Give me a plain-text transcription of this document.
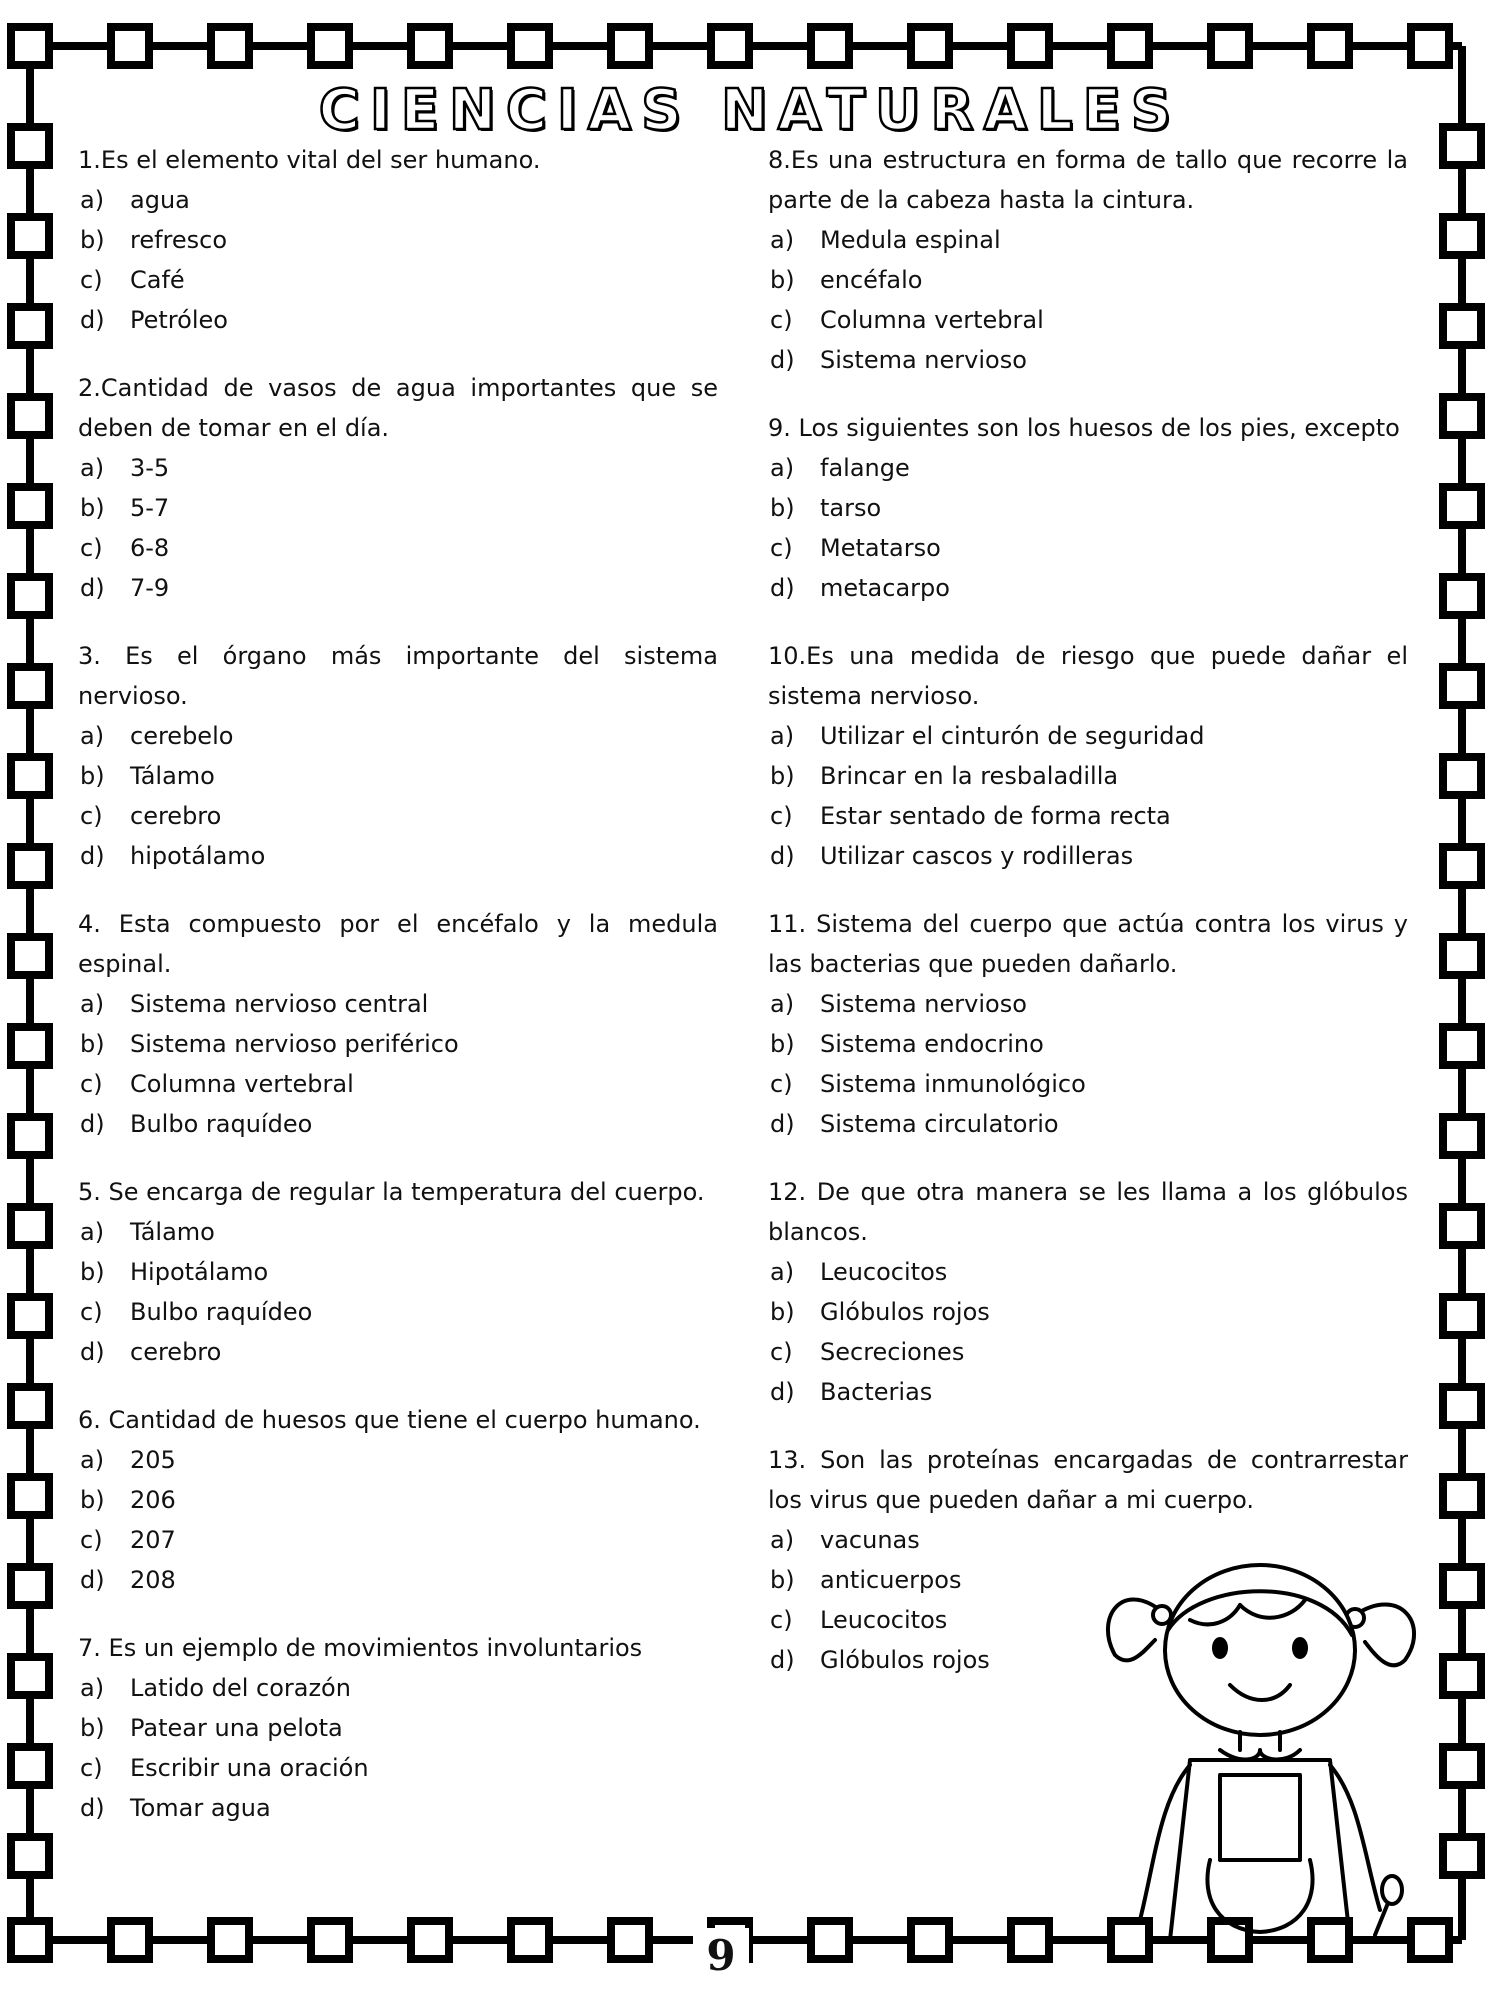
CIENCIAS NATURALES

1.Es el elemento vital del ser humano.

a)	agua
b)	refresco
c)	Café
d)	Petróleo

2.Cantidad de vasos de agua importantes que se deben de tomar en el día.

a)	3-5
b)	5-7
c)	6-8
d)	7-9

3. Es el órgano más importante del sistema nervioso.

a)	cerebelo
b)	Tálamo
c)	cerebro
d)	hipotálamo

4. Esta compuesto por el encéfalo y la medula espinal.

a)	Sistema nervioso central
b)	Sistema nervioso periférico
c)	Columna vertebral
d)	Bulbo raquídeo

5. Se encarga de regular la temperatura del cuerpo.

a)	Tálamo
b)	Hipotálamo
c)	Bulbo raquídeo
d)	cerebro

6. Cantidad de huesos que tiene el cuerpo humano.

a)	205
b)	206
c)	207
d)	208

7. Es un ejemplo de movimientos involuntarios

a)	Latido del corazón
b)	Patear una pelota
c)	Escribir una oración
d)	Tomar agua

8.Es una estructura en forma de tallo que recorre la parte de la cabeza hasta la cintura.

a)	Medula espinal
b)	encéfalo
c)	Columna vertebral
d)	Sistema nervioso

9. Los siguientes son los huesos de los pies, excepto

a)	falange
b)	tarso
c)	Metatarso
d)	metacarpo

10.Es una medida de riesgo que puede dañar el sistema nervioso.

a)	Utilizar el cinturón de seguridad
b)	Brincar en la resbaladilla
c)	Estar sentado de forma recta
d)	Utilizar cascos y rodilleras

11. Sistema del cuerpo que actúa contra los virus y las bacterias que pueden dañarlo.

a)	Sistema nervioso
b)	Sistema endocrino
c)	Sistema inmunológico
d)	Sistema circulatorio

12. De que otra manera se les llama a los glóbulos blancos.

a)	Leucocitos
b)	Glóbulos rojos
c)	Secreciones
d)	Bacterias

13. Son las proteínas encargadas de contrarrestar los virus que pueden dañar a mi cuerpo.

a)	vacunas
b)	anticuerpos
c)	Leucocitos
d)	Glóbulos rojos
9
